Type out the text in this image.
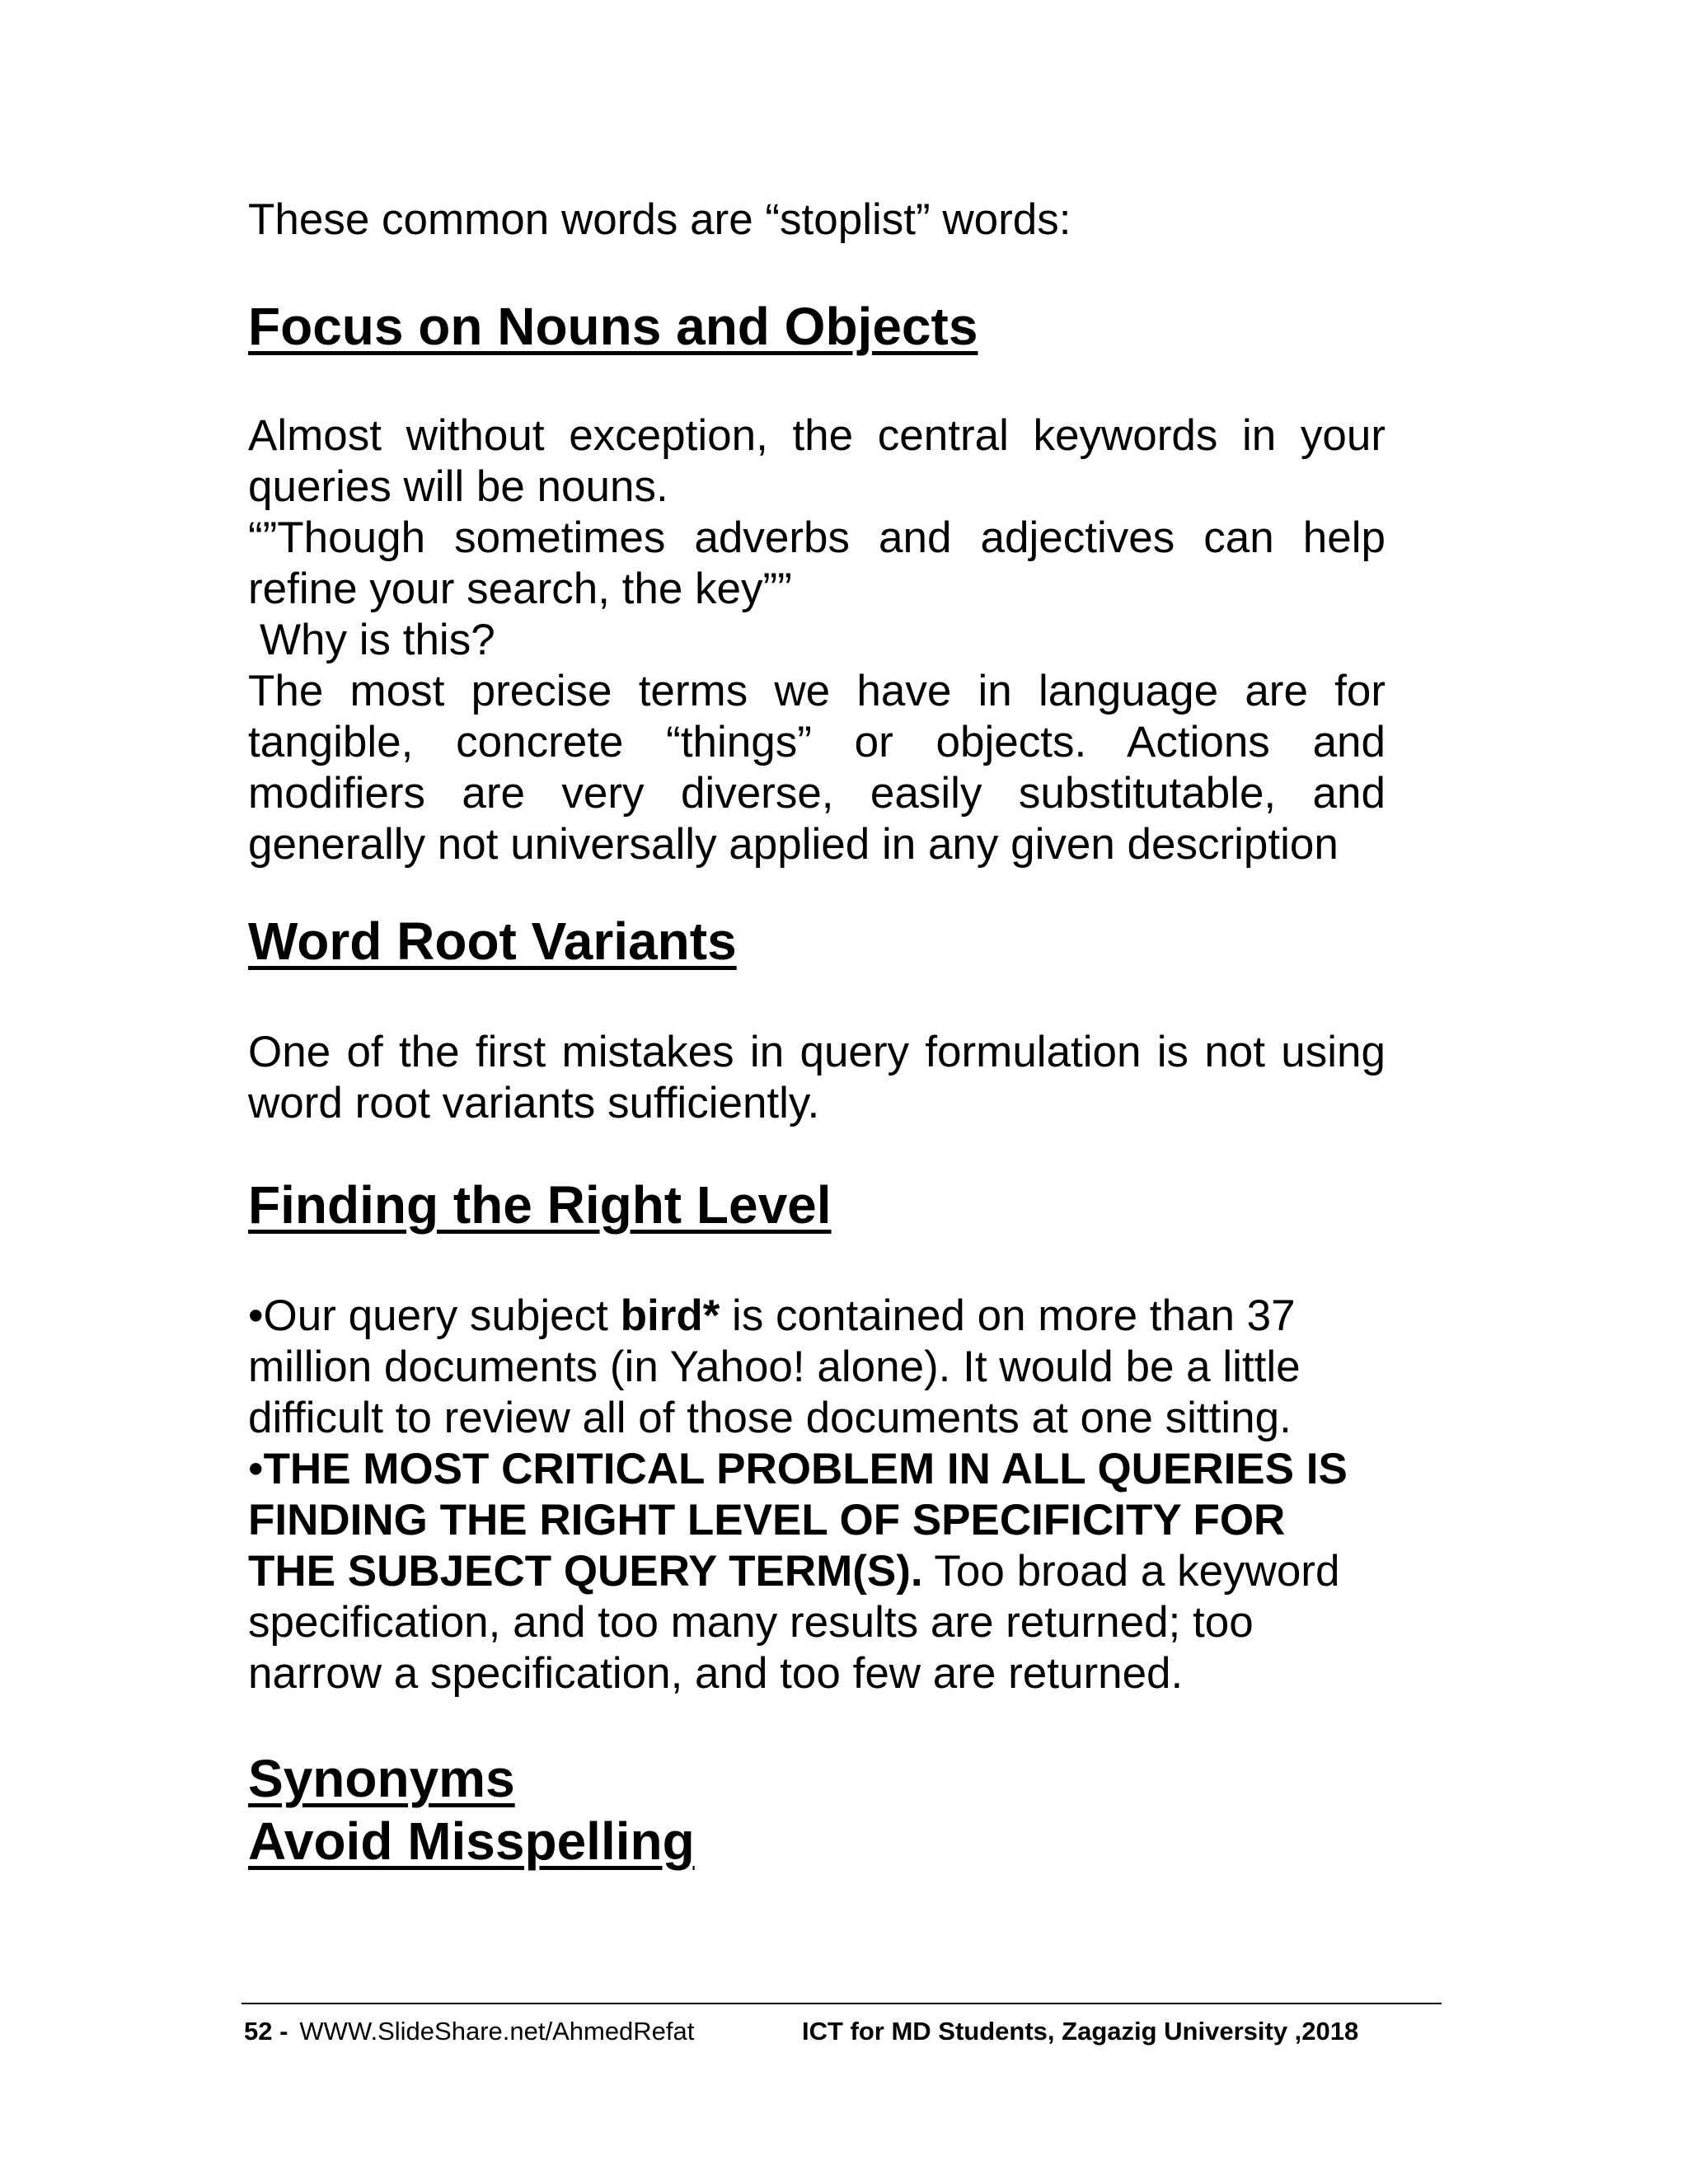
These common words are “stoplist” words:

Focus on Nouns and Objects

Almost without exception, the central keywords in your queries will be nouns.

“”Though sometimes adverbs and adjectives can help refine your search, the key””

Why is this?

The most precise terms we have in language are for tangible, concrete “things” or objects. Actions and modifiers are very diverse, easily substitutable, and generally not universally applied in any given description

Word Root Variants

One of the first mistakes in query formulation is not using word root variants sufficiently.

Finding the Right Level

•Our query subject bird* is contained on more than 37 million documents (in Yahoo! alone). It would be a little difficult to review all of those documents at one sitting.

•THE MOST CRITICAL PROBLEM IN ALL QUERIES IS FINDING THE RIGHT LEVEL OF SPECIFICITY FOR THE SUBJECT QUERY TERM(S). Too broad a keyword specification, and too many results are returned; too narrow a specification, and too few are returned.

Synonyms
Avoid Misspelling
52 - WWW.SlideShare.net/AhmedRefat	ICT for MD Students, Zagazig University ,2018
